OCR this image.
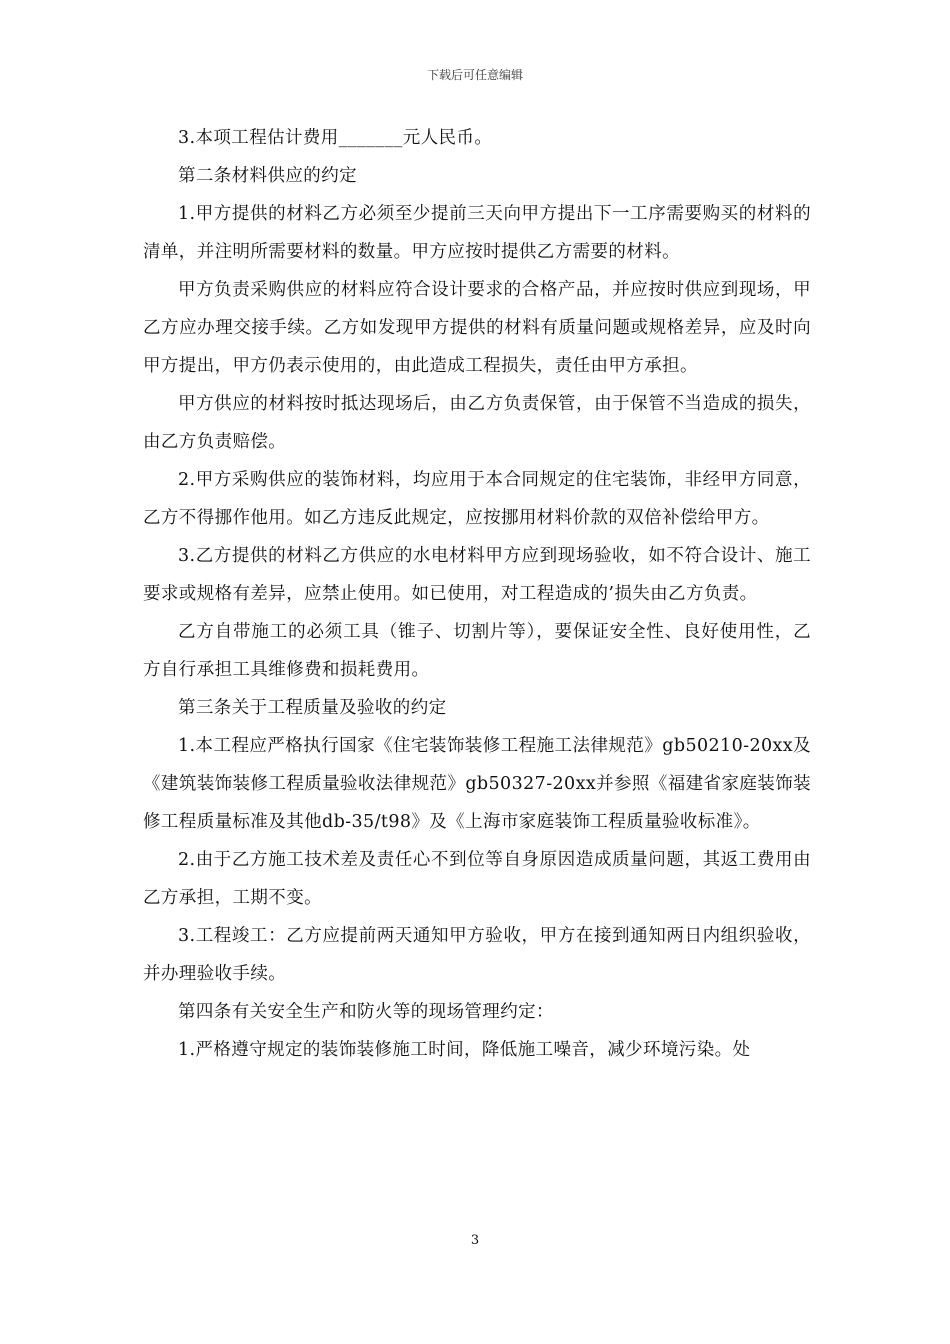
下载后可任意编辑

3.本项工程估计费用_______元人民币。

第二条材料供应的约定

1.甲方提供的材料乙方必须至少提前三天向甲方提出下一工序需要购买的材料的清单，并注明所需要材料的数量。甲方应按时提供乙方需要的材料。

甲方负责采购供应的材料应符合设计要求的合格产品，并应按时供应到现场，甲乙方应办理交接手续。乙方如发现甲方提供的材料有质量问题或规格差异，应及时向甲方提出，甲方仍表示使用的，由此造成工程损失，责任由甲方承担。

甲方供应的材料按时抵达现场后，由乙方负责保管，由于保管不当造成的损失，由乙方负责赔偿。

2.甲方采购供应的装饰材料，均应用于本合同规定的住宅装饰，非经甲方同意，乙方不得挪作他用。如乙方违反此规定，应按挪用材料价款的双倍补偿给甲方。

3.乙方提供的材料乙方供应的水电材料甲方应到现场验收，如不符合设计、施工要求或规格有差异，应禁止使用。如已使用，对工程造成的’损失由乙方负责。

乙方自带施工的必须工具（锥子、切割片等），要保证安全性、良好使用性，乙方自行承担工具维修费和损耗费用。

第三条关于工程质量及验收的约定

1.本工程应严格执行国家《住宅装饰装修工程施工法律规范》gb50210-20xx及《建筑装饰装修工程质量验收法律规范》gb50327-20xx并参照《福建省家庭装饰装修工程质量标准及其他db-35/t98》及《上海市家庭装饰工程质量验收标准》。

2.由于乙方施工技术差及责任心不到位等自身原因造成质量问题，其返工费用由乙方承担，工期不变。

3.工程竣工：乙方应提前两天通知甲方验收，甲方在接到通知两日内组织验收，并办理验收手续。

第四条有关安全生产和防火等的现场管理约定：

1.严格遵守规定的装饰装修施工时间，降低施工噪音，减少环境污染。处

3
